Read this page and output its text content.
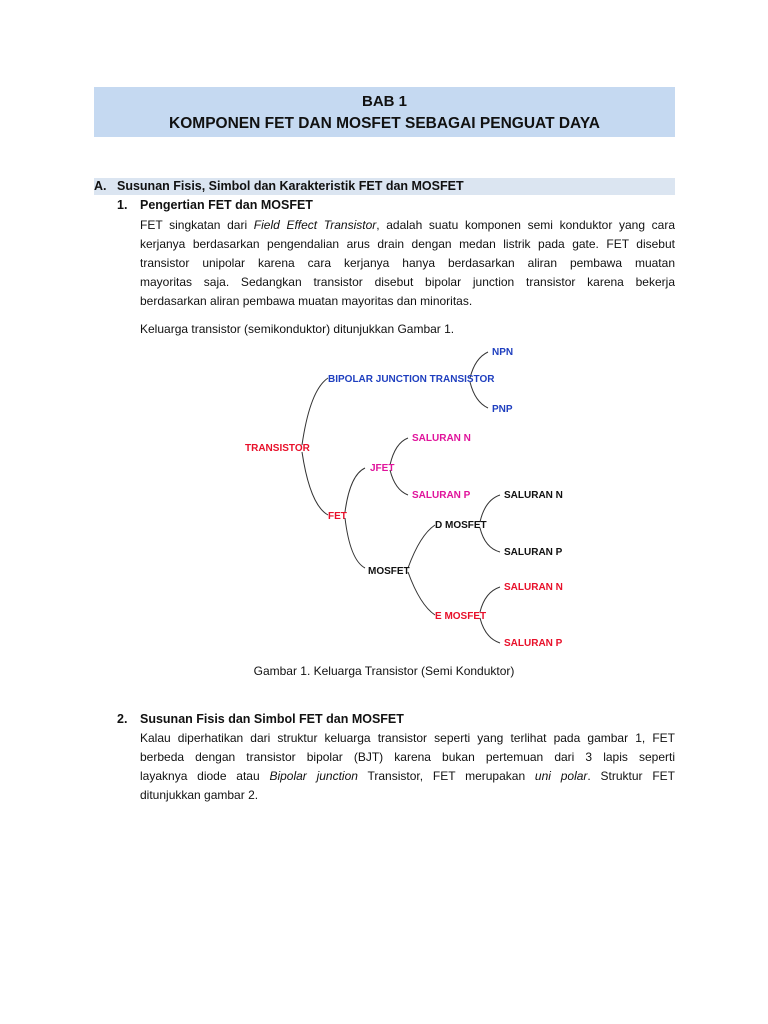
BAB 1
KOMPONEN FET DAN MOSFET SEBAGAI PENGUAT DAYA
A. Susunan Fisis, Simbol dan Karakteristik FET dan MOSFET
1. Pengertian FET dan MOSFET
FET singkatan dari Field Effect Transistor, adalah suatu komponen semi konduktor yang cara
kerjanya berdasarkan pengendalian arus drain dengan medan listrik pada gate. FET disebut
transistor unipolar karena cara kerjanya hanya berdasarkan aliran pembawa muatan
mayoritas saja. Sedangkan transistor disebut bipolar junction transistor karena bekerja
berdasarkan aliran pembawa muatan mayoritas dan minoritas.
Keluarga transistor (semikonduktor) ditunjukkan Gambar 1.
TRANSISTOR
BIPOLAR JUNCTION TRANSISTOR
NPN
PNP
FET
JFET
SALURAN N
SALURAN P
MOSFET
D MOSFET
SALURAN N
SALURAN P
E MOSFET
SALURAN N
SALURAN P
Gambar 1. Keluarga Transistor (Semi Konduktor)
2. Susunan Fisis dan Simbol FET dan MOSFET
Kalau diperhatikan dari struktur keluarga transistor seperti yang terlihat pada gambar 1, FET
berbeda dengan transistor bipolar (BJT) karena bukan pertemuan dari 3 lapis seperti
layaknya diode atau Bipolar junction Transistor, FET merupakan uni polar. Struktur FET
ditunjukkan gambar 2.
